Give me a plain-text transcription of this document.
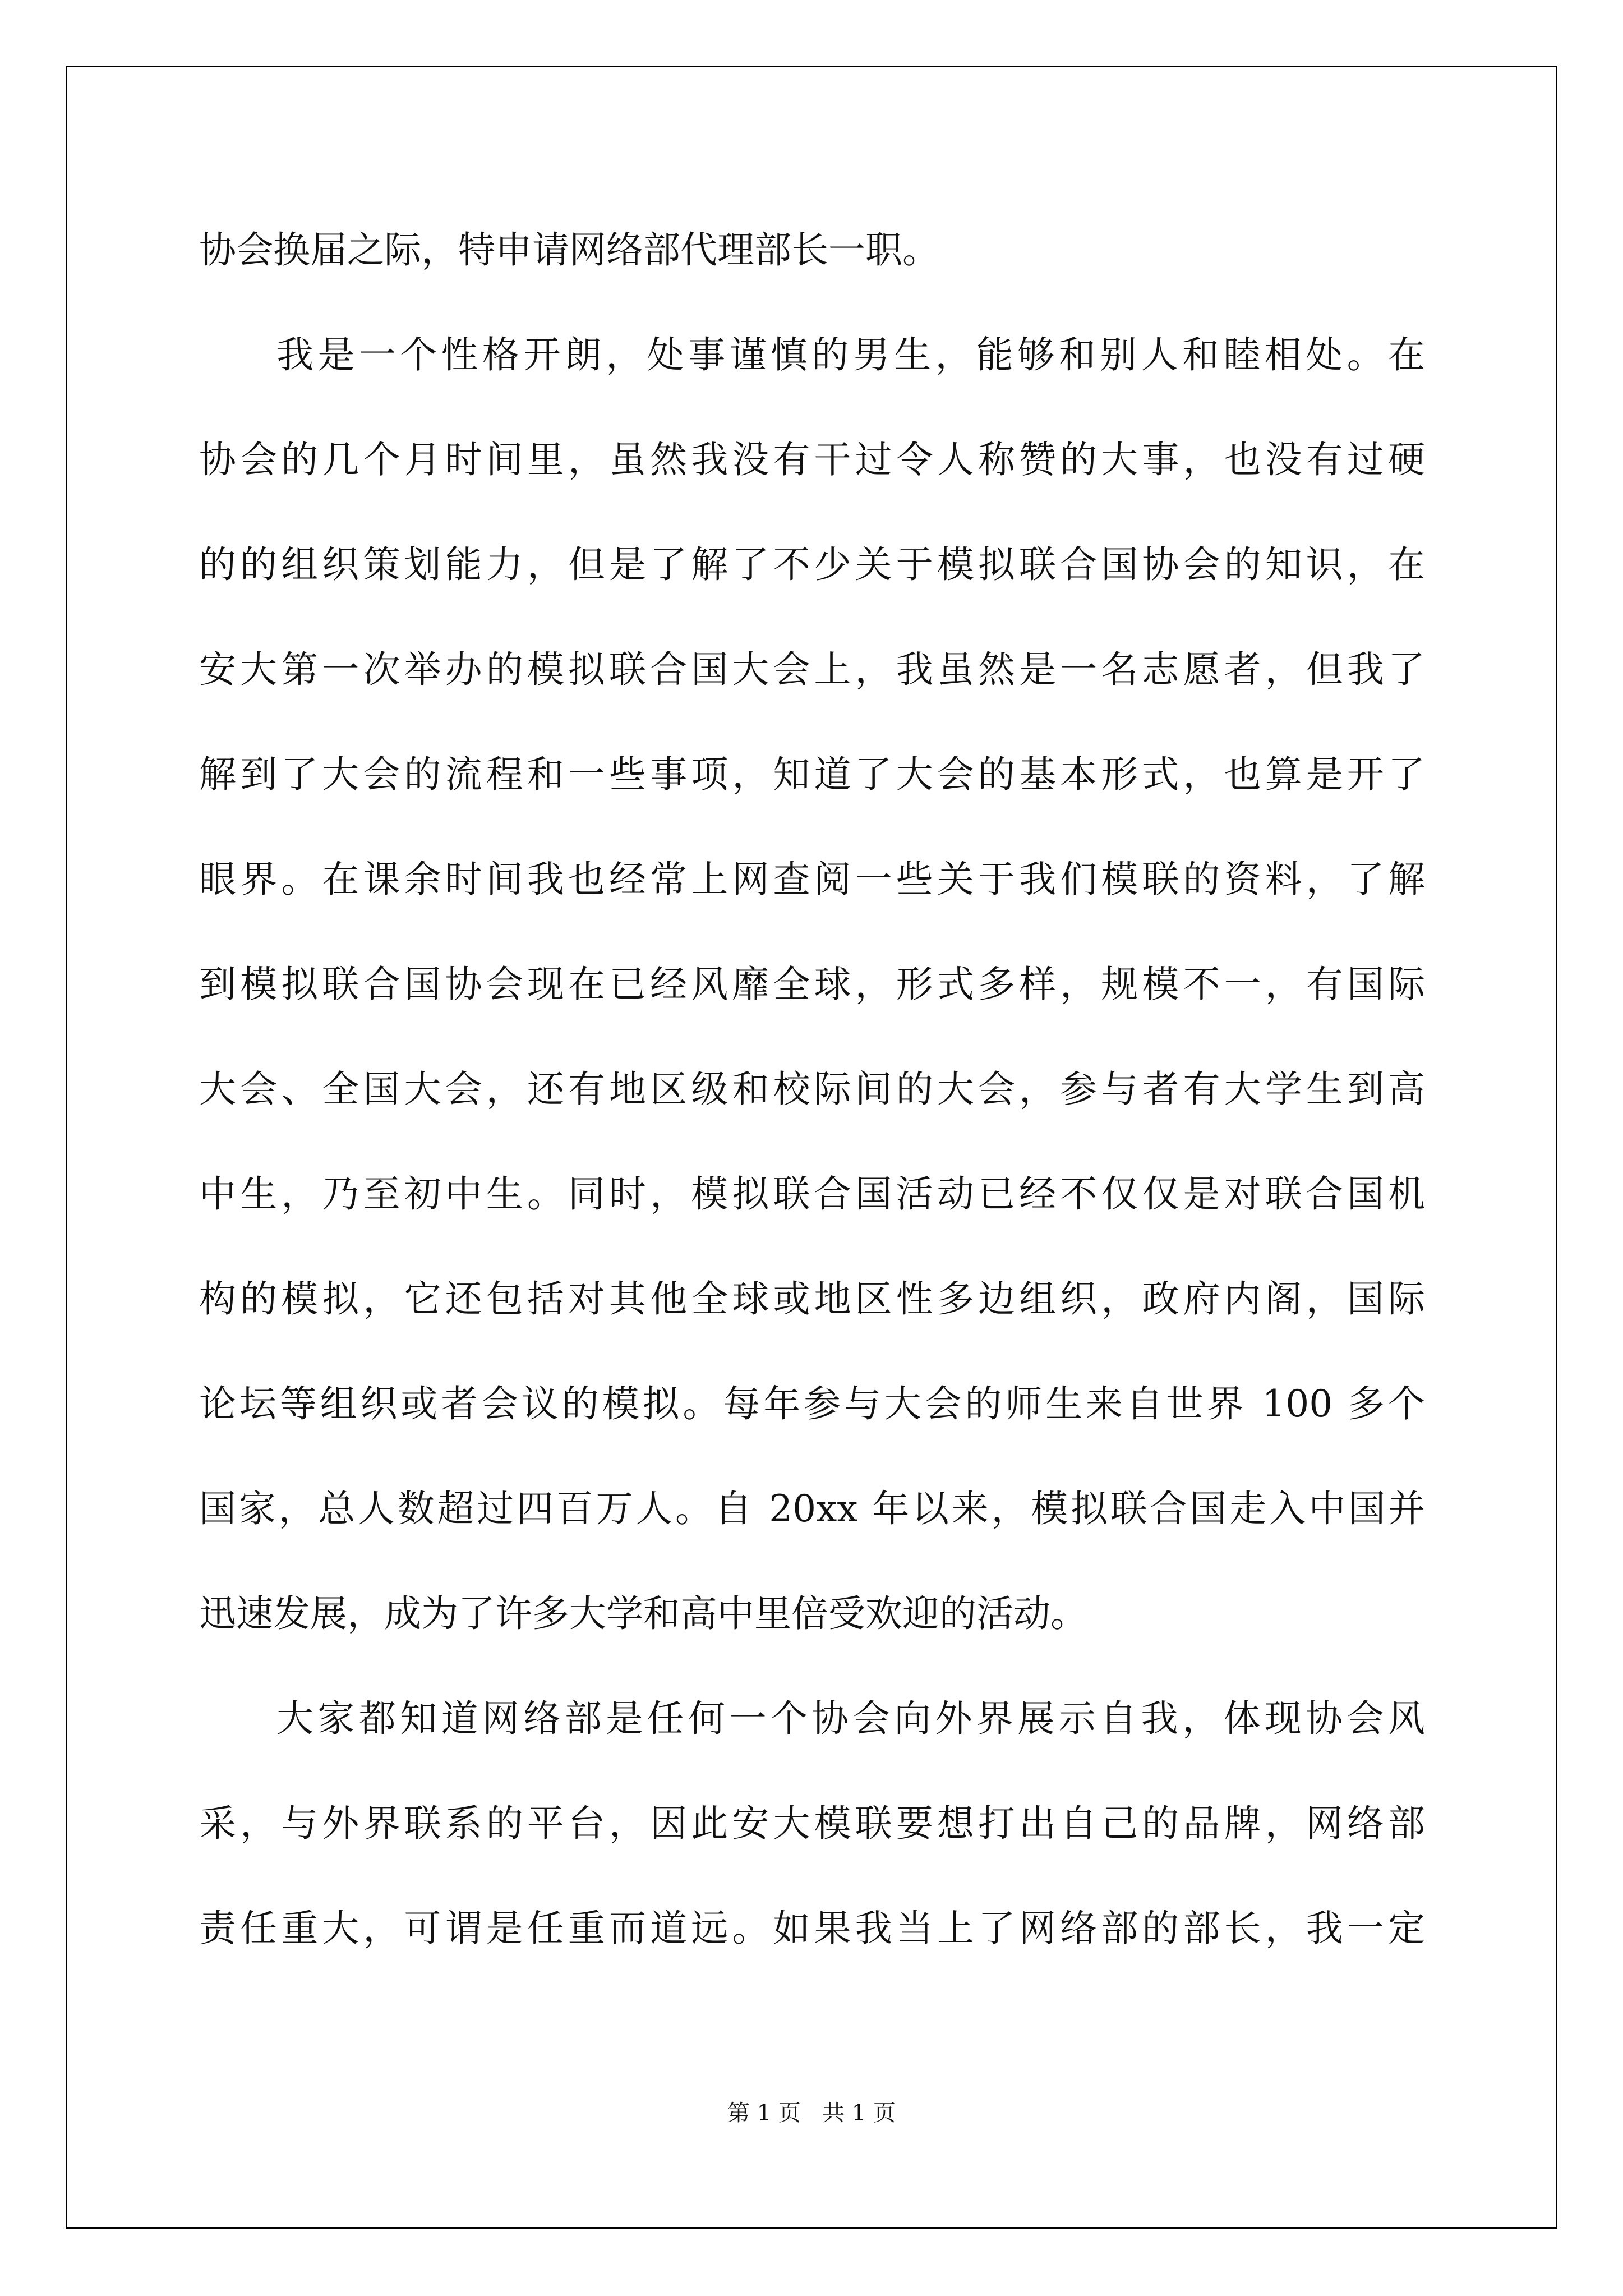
协会换届之际，特申请网络部代理部长一职。
我是一个性格开朗，处事谨慎的男生，能够和别人和睦相处。在
协会的几个月时间里，虽然我没有干过令人称赞的大事，也没有过硬
的的组织策划能力，但是了解了不少关于模拟联合国协会的知识，在
安大第一次举办的模拟联合国大会上，我虽然是一名志愿者，但我了
解到了大会的流程和一些事项，知道了大会的基本形式，也算是开了
眼界。在课余时间我也经常上网查阅一些关于我们模联的资料，了解
到模拟联合国协会现在已经风靡全球，形式多样，规模不一，有国际
大会、全国大会，还有地区级和校际间的大会，参与者有大学生到高
中生，乃至初中生。同时，模拟联合国活动已经不仅仅是对联合国机
构的模拟，它还包括对其他全球或地区性多边组织，政府内阁，国际
论坛等组织或者会议的模拟。每年参与大会的师生来自世界 100 多个
国家，总人数超过四百万人。自 20xx 年以来，模拟联合国走入中国并
迅速发展，成为了许多大学和高中里倍受欢迎的活动。
大家都知道网络部是任何一个协会向外界展示自我，体现协会风
采，与外界联系的平台，因此安大模联要想打出自己的品牌，网络部
责任重大，可谓是任重而道远。如果我当上了网络部的部长，我一定
第 1 页   共 1 页
